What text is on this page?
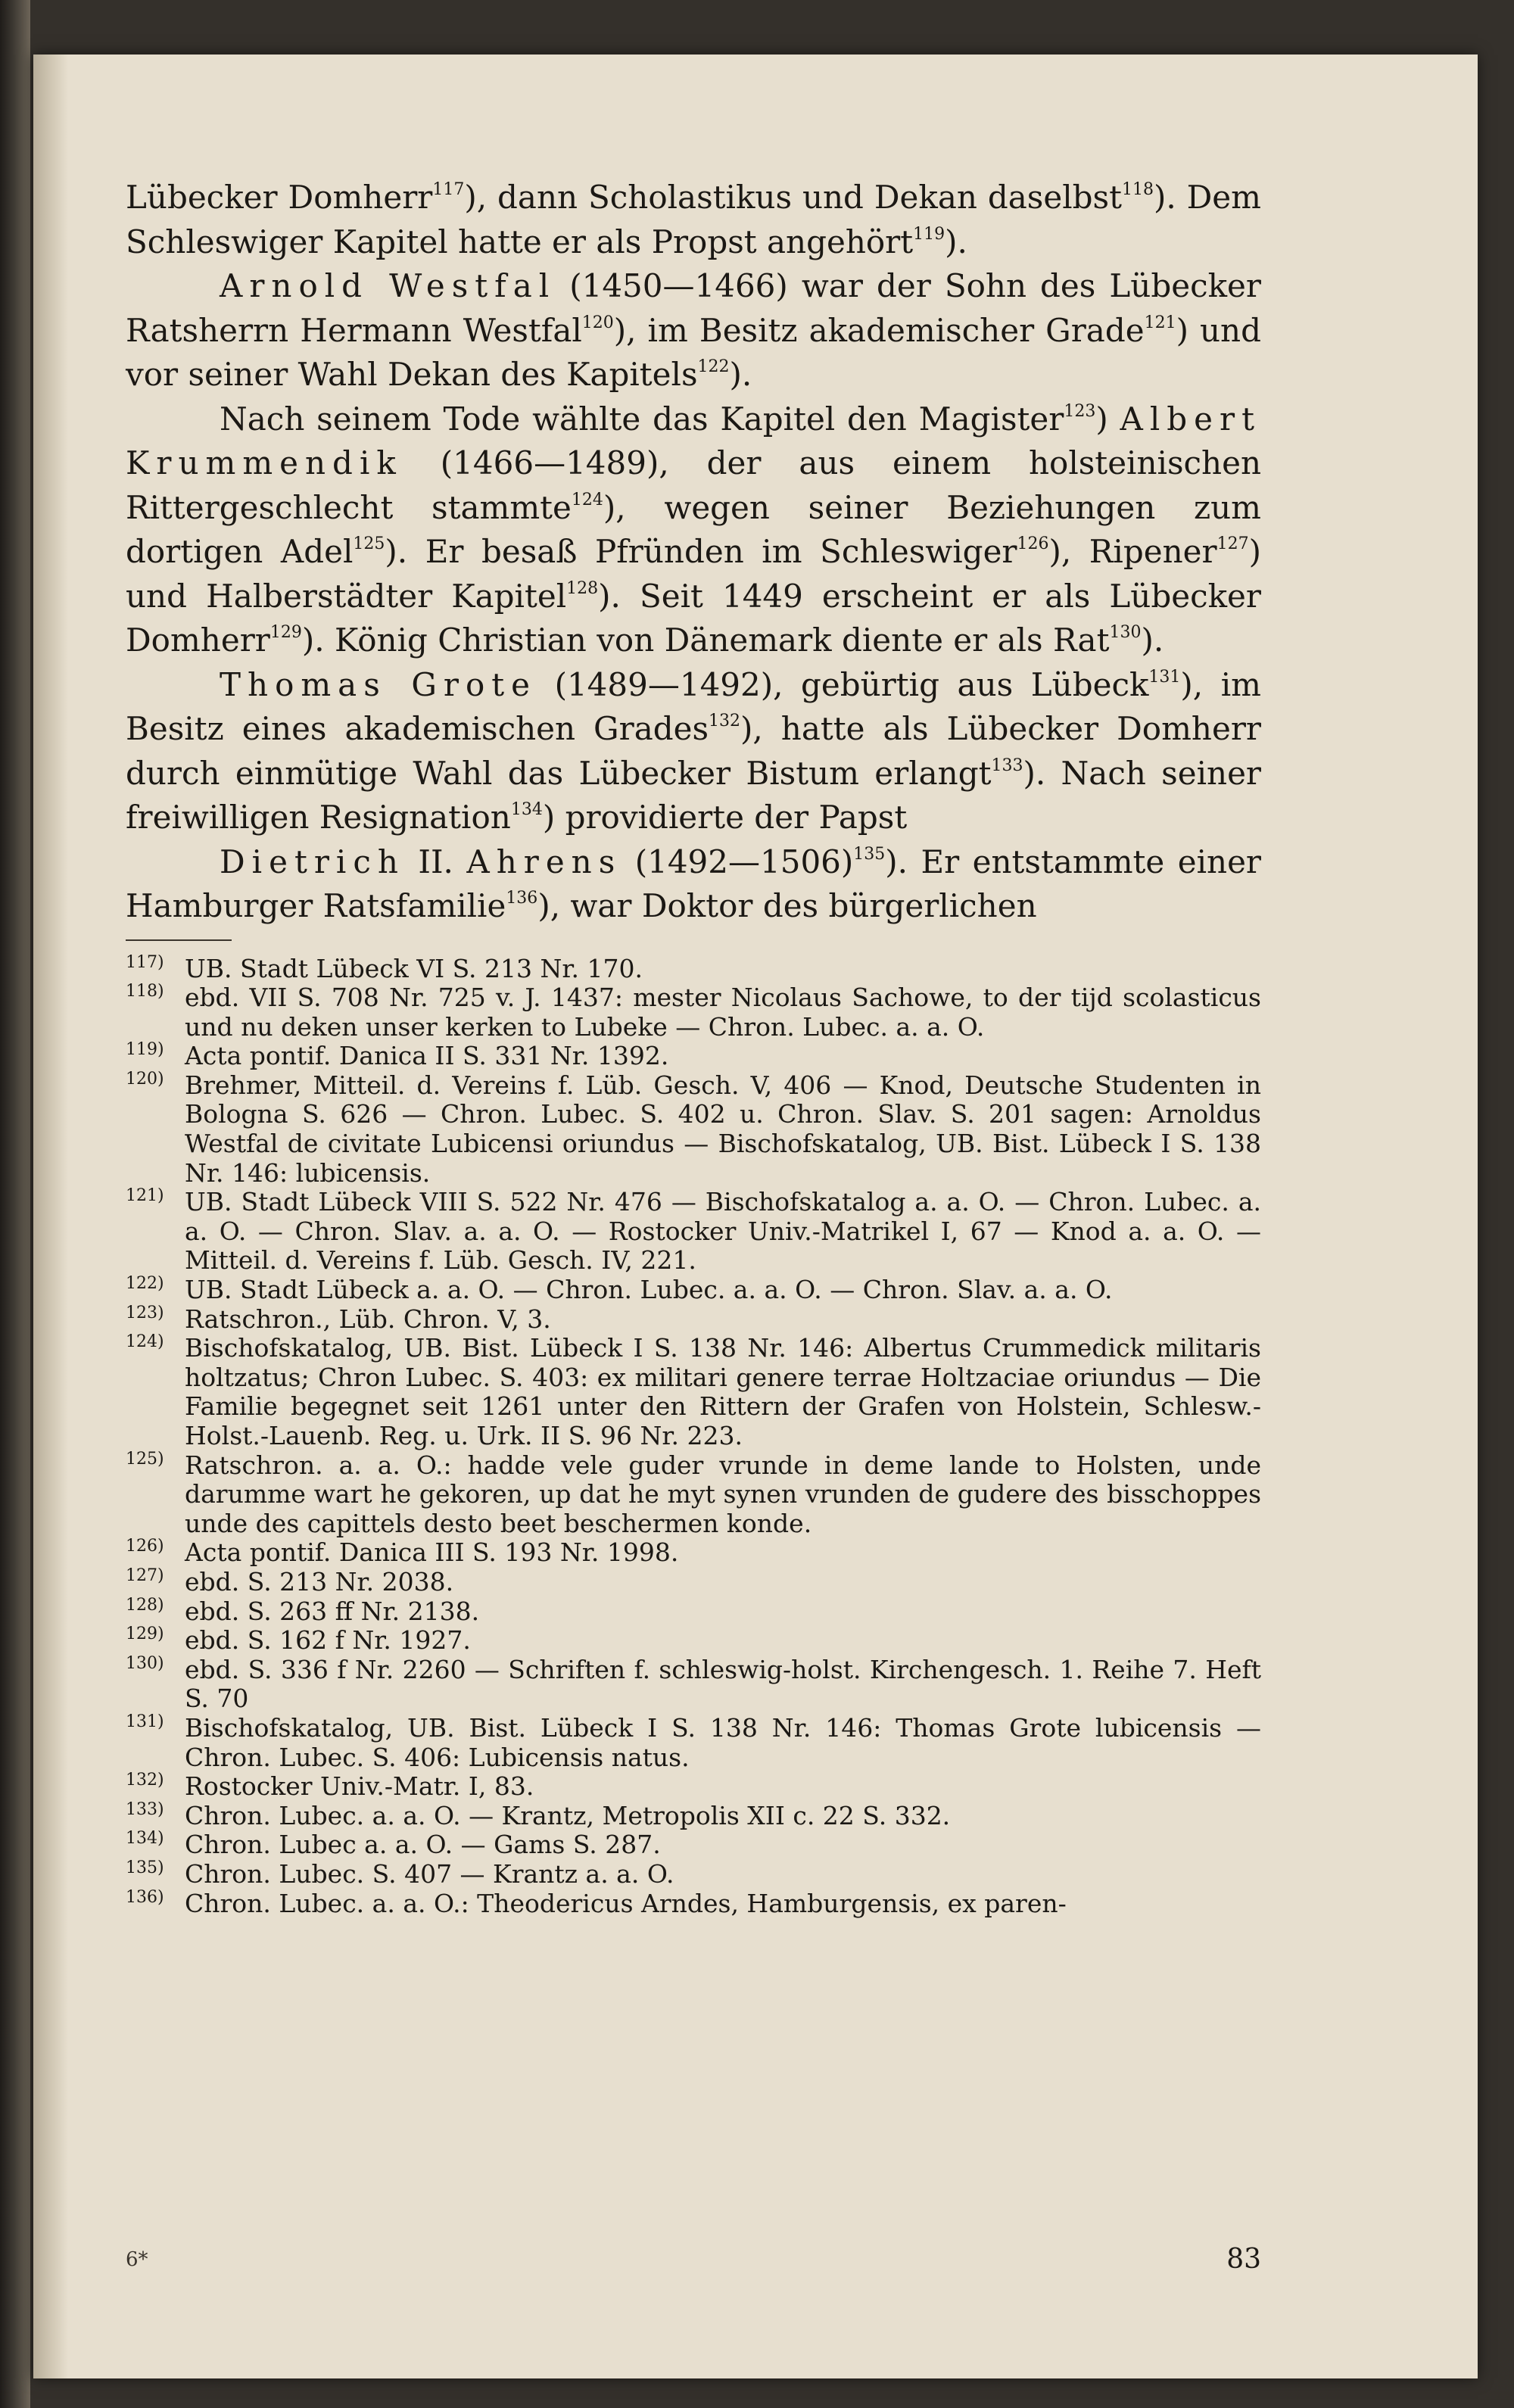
Lübecker Domherr$^{117}$), dann Scholastikus und Dekan daselbst$^{118}$). Dem Schleswiger Kapitel hatte er als Propst angehört$^{119}$).

Arnold Westfal (1450—1466) war der Sohn des Lübecker Ratsherrn Hermann Westfal$^{120}$), im Besitz akademischer Grade$^{121}$) und vor seiner Wahl Dekan des Kapitels$^{122}$).

Nach seinem Tode wählte das Kapitel den Magister$^{123}$) Albert Krummendik (1466—1489), der aus einem holsteinischen Rittergeschlecht stammte$^{124}$), wegen seiner Beziehungen zum dortigen Adel$^{125}$). Er besaß Pfründen im Schleswiger$^{126}$), Ripener$^{127}$) und Halberstädter Kapitel$^{128}$). Seit 1449 erscheint er als Lübecker Domherr$^{129}$). König Christian von Dänemark diente er als Rat$^{130}$).

Thomas Grote (1489—1492), gebürtig aus Lübeck$^{131}$), im Besitz eines akademischen Grades$^{132}$), hatte als Lübecker Domherr durch einmütige Wahl das Lübecker Bistum erlangt$^{133}$). Nach seiner freiwilligen Resignation$^{134}$) providierte der Papst

Dietrich II. Ahrens (1492—1506)$^{135}$). Er entstammte einer Hamburger Ratsfamilie$^{136}$), war Doktor des bürgerlichen

117) UB. Stadt Lübeck VI S. 213 Nr. 170.
118) ebd. VII S. 708 Nr. 725 v. J. 1437: mester Nicolaus Sachowe, to der tijd scolasticus und nu deken unser kerken to Lubeke — Chron. Lubec. a. a. O.
119) Acta pontif. Danica II S. 331 Nr. 1392.
120) Brehmer, Mitteil. d. Vereins f. Lüb. Gesch. V, 406 — Knod, Deutsche Studenten in Bologna S. 626 — Chron. Lubec. S. 402 u. Chron. Slav. S. 201 sagen: Arnoldus Westfal de civitate Lubicensi oriundus — Bischofskatalog, UB. Bist. Lübeck I S. 138 Nr. 146: lubicensis.
121) UB. Stadt Lübeck VIII S. 522 Nr. 476 — Bischofskatalog a. a. O. — Chron. Lubec. a. a. O. — Chron. Slav. a. a. O. — Rostocker Univ.-Matrikel I, 67 — Knod a. a. O. — Mitteil. d. Vereins f. Lüb. Gesch. IV, 221.
122) UB. Stadt Lübeck a. a. O. — Chron. Lubec. a. a. O. — Chron. Slav. a. a. O.
123) Ratschron., Lüb. Chron. V, 3.
124) Bischofskatalog, UB. Bist. Lübeck I S. 138 Nr. 146: Albertus Crummedick militaris holtzatus; Chron Lubec. S. 403: ex militari genere terrae Holtzaciae oriundus — Die Familie begegnet seit 1261 unter den Rittern der Grafen von Holstein, Schlesw.-Holst.-Lauenb. Reg. u. Urk. II S. 96 Nr. 223.
125) Ratschron. a. a. O.: hadde vele guder vrunde in deme lande to Holsten, unde darumme wart he gekoren, up dat he myt synen vrunden de gudere des bisschoppes unde des capittels desto beet beschermen konde.
126) Acta pontif. Danica III S. 193 Nr. 1998.
127) ebd. S. 213 Nr. 2038.
128) ebd. S. 263 ff Nr. 2138.
129) ebd. S. 162 f Nr. 1927.
130) ebd. S. 336 f Nr. 2260 — Schriften f. schleswig-holst. Kirchengesch. 1. Reihe 7. Heft S. 70
131) Bischofskatalog, UB. Bist. Lübeck I S. 138 Nr. 146: Thomas Grote lubicensis — Chron. Lubec. S. 406: Lubicensis natus.
132) Rostocker Univ.-Matr. I, 83.
133) Chron. Lubec. a. a. O. — Krantz, Metropolis XII c. 22 S. 332.
134) Chron. Lubec a. a. O. — Gams S. 287.
135) Chron. Lubec. S. 407 — Krantz a. a. O.
136) Chron. Lubec. a. a. O.: Theodericus Arndes, Hamburgensis, ex paren-
6*	83
